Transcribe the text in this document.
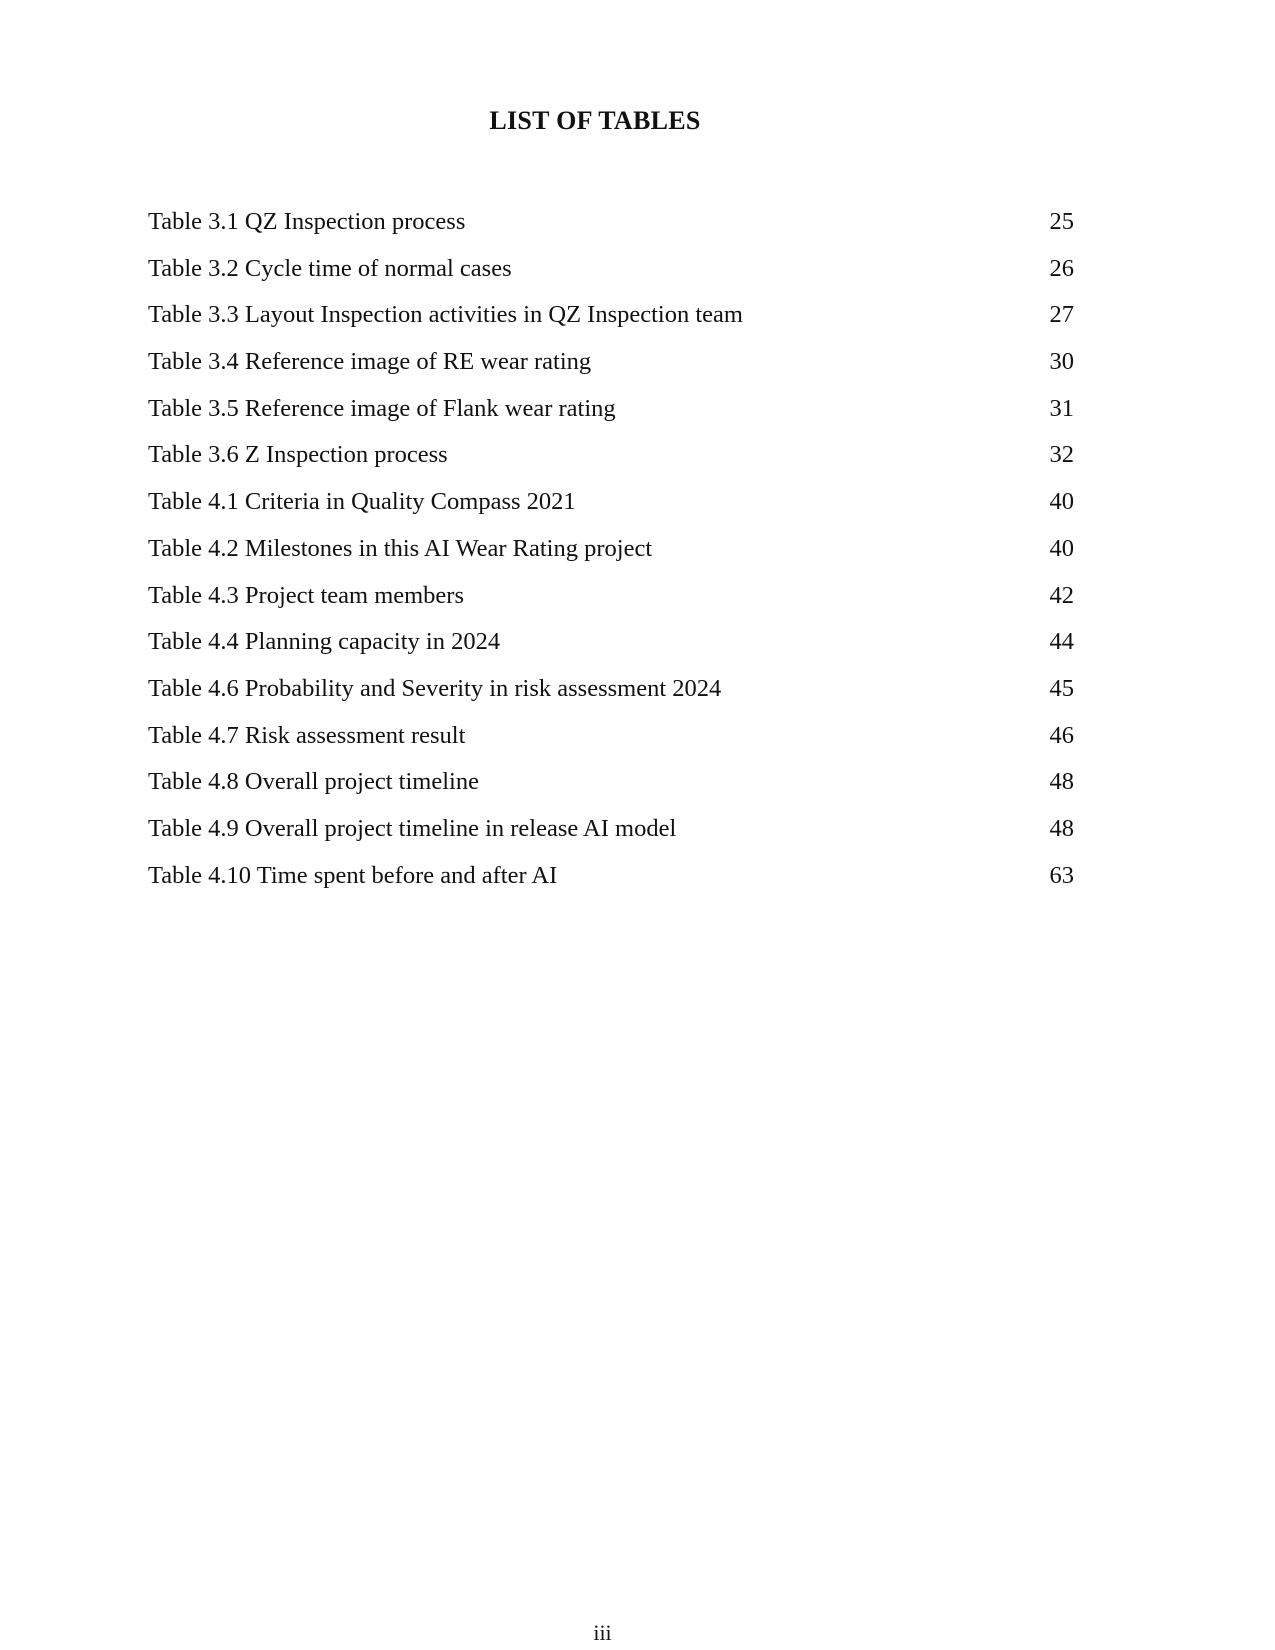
LIST OF TABLES
Table 3.1 QZ Inspection process	25
Table 3.2 Cycle time of normal cases	26
Table 3.3 Layout Inspection activities in QZ Inspection team	27
Table 3.4 Reference image of RE wear rating	30
Table 3.5 Reference image of Flank wear rating	31
Table 3.6 Z Inspection process	32
Table 4.1 Criteria in Quality Compass 2021	40
Table 4.2 Milestones in this AI Wear Rating project	40
Table 4.3 Project team members	42
Table 4.4 Planning capacity in 2024	44
Table 4.6 Probability and Severity in risk assessment 2024	45
Table 4.7 Risk assessment result	46
Table 4.8 Overall project timeline	48
Table 4.9 Overall project timeline in release AI model	48
Table 4.10 Time spent before and after AI	63
iii
